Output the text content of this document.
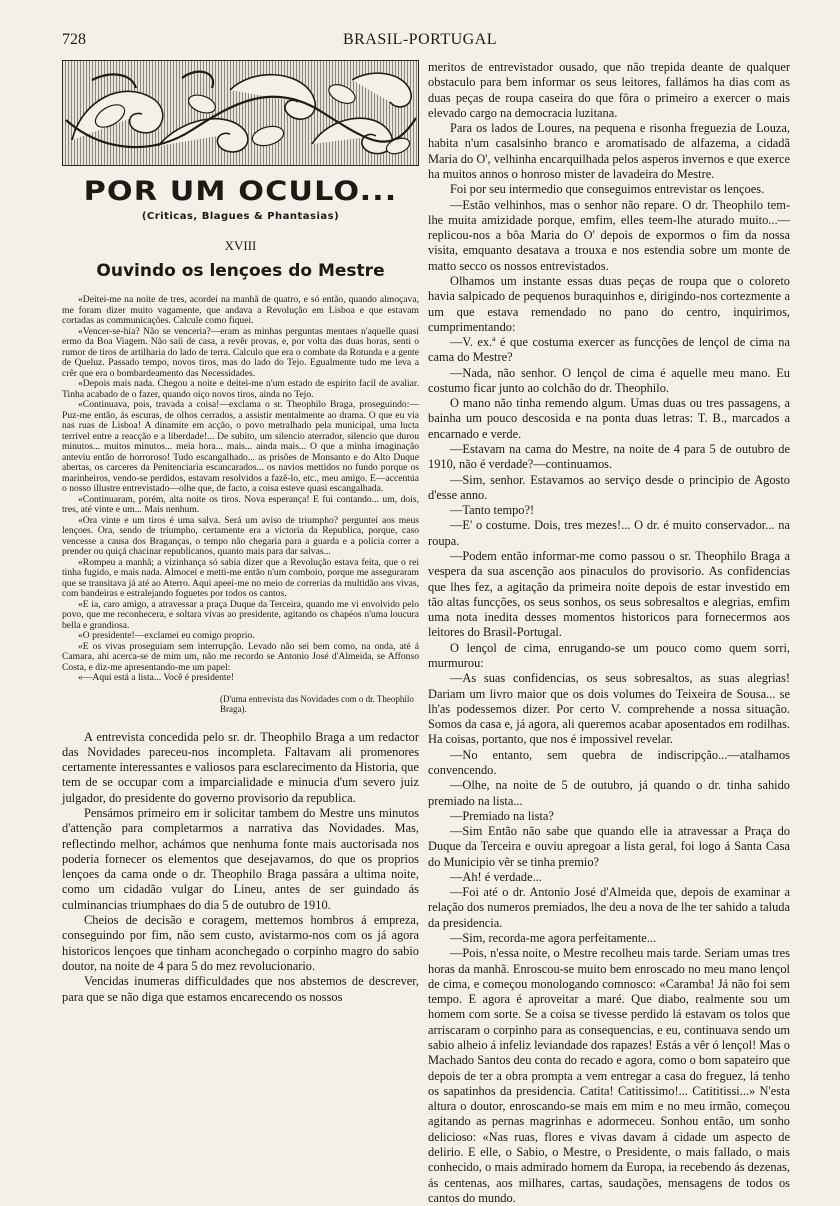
728	BRASIL-PORTUGAL
POR UM OCULO...
(Criticas, Blagues & Phantasias)
XVIII
Ouvindo os lençoes do Mestre

«Deitei-me na noite de tres, acordei na manhã de quatro, e só então, quando almoçava, me foram dizer muito vagamente, que andava a Revolução em Lisboa e que estavam cortadas as communicações. Calcule como fiquei.

«Vencer-se-hia? Não se venceria?—eram as minhas perguntas mentaes n'aquelle quasi ermo da Boa Viagem. Não saíi de casa, a revêr provas, e, por volta das duas horas, senti o rumor de tiros de artilharia do lado de terra. Calculo que era o combate da Rotunda e a gente de Queluz. Passado tempo, novos tiros, mas do lado do Tejo. Egualmente tudo me leva a crêr que era o bombardeamento das Necessidades.

«Depois mais nada. Chegou a noite e deitei-me n'um estado de espirito facil de avaliar. Tinha acabado de o fazer, quando oiço novos tiros, ainda no Tejo.

«Continuava, pois, travada a coisa!—exclama o sr. Theophilo Braga, proseguindo:—Puz-me então, ás escuras, de olhos cerrados, a assistir mentalmente ao drama. O que eu via nas ruas de Lisboa! A dinamite em acção, o povo metralhado pela municipal, uma lucta terrivel entre a reacção e a liberdade!... De subito, um silencio aterrador, silencio que durou minutos... muitos minutos... meia hora... mais... ainda mais... O que a minha imaginação anteviu então de horroroso! Tudo escangalhado... as prisões de Monsanto e do Alto Duque abertas, os carceres da Penitenciaria escancarados... os navios mettidos no fundo porque os marinheiros, vendo-se perdidos, estavam resolvidos a fazê-lo, etc., meu amigo. E—accentúa o nosso illustre entrevistado—olhe que, de facto, a coisa esteve quasi escangalhada.

«Continuaram, porém, alta noite os tiros. Nova esperança! E fui contando... um, dois, tres, até vinte e um... Mais nenhum.

«Ora vinte e um tiros é uma salva. Será um aviso de triumpho? pergunteí aos meus lençoes. Ora, sendo de triumpho, certamente era a victoria da Republica, porque, caso vencesse a causa dos Braganças, o tempo não chegaria para a guarda e a policia correr a prender ou quiçá chacinar republicanos, quanto mais para dar salvas...

«Rompeu a manhã; a vizinhança só sabia dizer que a Revolução estava feita, que o rei tinha fugido, e mais nada. Almocei e metti-me então n'um comboio, porque me asseguraram que se transitava já até ao Aterro. Aqui apeei-me no meio de correrias da multidão aos vivas, com bandeiras e estralejando foguetes por todos os cantos.

«E ia, caro amigo, a atravessar a praça Duque da Terceira, quando me vi envolvido pelo povo, que me reconhecera, e soltara vivas ao presidente, agitando os chapéos n'uma loucura bella e grandiosa.

«O presidente!—exclamei eu comigo proprio.

«E os vivas proseguiam sem interrupção. Levado não sei bem como, na onda, até á Camara, ahi acerca-se de mim um, não me recordo se Antonio José d'Almeida, se Affonso Costa, e diz-me apresentando-me um papel:

«—Aqui está a lista... Você é presidente!

(D'uma entrevista das Novidades com o dr. Theophilo Braga).

A entrevista concedida pelo sr. dr. Theophilo Braga a um redactor das Novidades pareceu-nos incompleta. Faltavam ali promenores certamente interessantes e valiosos para esclarecimento da Historia, que tem de se occupar com a imparcialidade e minucia d'um severo juiz julgador, do presidente do governo provisorio da republica.

Pensámos primeiro em ir solicitar tambem do Mestre uns minutos d'attenção para completarmos a narrativa das Novidades. Mas, reflectindo melhor, achámos que nenhuma fonte mais auctorisada nos poderia fornecer os elementos que desejavamos, do que os proprios lençoes da cama onde o dr. Theophilo Braga passára a ultima noite, como um cidadão vulgar do Lineu, antes de ser guindado ás culminancias triumphaes do dia 5 de outubro de 1910.

Cheios de decisão e coragem, mettemos hombros á empreza, conseguindo por fim, não sem custo, avistarmo-nos com os já agora historicos lençoes que tinham aconchegado o corpinho magro do sabio doutor, na noite de 4 para 5 do mez revolucionario.

Vencidas inumeras difficuldades que nos abstemos de descrever, para que se não diga que estamos encarecendo os nossos

meritos de entrevistador ousado, que não trepida deante de qualquer obstaculo para bem informar os seus leitores, fallámos ha dias com as duas peças de roupa caseira do que fôra o primeiro a exercer o mais elevado cargo na democracia luzitana.

Para os lados de Loures, na pequena e risonha freguezia de Louza, habita n'um casalsinho branco e aromatisado de alfazema, a cidadã Maria do O', velhinha encarquilhada pelos asperos invernos e que exerce ha muitos annos o honroso mister de lavadeira do Mestre.

Foi por seu intermedio que conseguimos entrevistar os lençoes.

—Estão velhinhos, mas o senhor não repare. O dr. Theophilo tem-lhe muita amizidade porque, emfim, elles teem-lhe aturado muito...—replicou-nos a bôa Maria do O' depois de expormos o fim da nossa visita, emquanto desatava a trouxa e nos estendia sobre um monte de matto secco os nossos entrevistados.

Olhamos um instante essas duas peças de roupa que o coloreto havia salpicado de pequenos buraquinhos e, dirigindo-nos cortezmente a um que estava remendado no pano do centro, inquirimos, cumprimentando:

—V. ex.ª é que costuma exercer as funcções de lençol de cima na cama do Mestre?

—Nada, não senhor. O lençol de cima é aquelle meu mano. Eu costumo ficar junto ao colchão do dr. Theophilo.

O mano não tinha remendo algum. Umas duas ou tres passagens, a bainha um pouco descosida e na ponta duas letras: T. B., marcados a encarnado e verde.

—Estavam na cama do Mestre, na noite de 4 para 5 de outubro de 1910, não é verdade?—continuamos.

—Sim, senhor. Estavamos ao serviço desde o principio de Agosto d'esse anno.

—Tanto tempo?!

—E' o costume. Dois, tres mezes!... O dr. é muito conservador... na roupa.

—Podem então informar-me como passou o sr. Theophilo Braga a vespera da sua ascenção aos pinaculos do provisorio. As confidencias que lhes fez, a agitação da primeira noite depois de estar investido em tão altas funcções, os seus sonhos, os seus sobresaltos e alegrias, emfim uma nota inedita desses momentos historicos para fornecermos aos leitores do Brasil-Portugal.

O lençol de cima, enrugando-se um pouco como quem sorri, murmurou:

—As suas confidencias, os seus sobresaltos, as suas alegrias! Dariam um livro maior que os dois volumes do Teixeira de Sousa... se lh'as podessemos dizer. Por certo V. comprehende a nossa situação. Somos da casa e, já agora, ali queremos acabar aposentados em rodilhas. Ha coisas, portanto, que nos é impossivel revelar.

—No entanto, sem quebra de indiscripção...—atalhamos convencendo.

—Olhe, na noite de 5 de outubro, já quando o dr. tinha sahido premiado na lista...

—Premiado na lista?

—Sim Então não sabe que quando elle ia atravessar a Praça do Duque da Terceira e ouviu apregoar a lista geral, foi logo á Santa Casa do Municipio vêr se tinha premio?

—Ah! é verdade...

—Foi até o dr. Antonio José d'Almeida que, depois de examinar a relação dos numeros premiados, lhe deu a nova de lhe ter sahido a taluda da presidencia.

—Sim, recorda-me agora perfeitamente...

—Pois, n'essa noite, o Mestre recolheu mais tarde. Seriam umas tres horas da manhã. Enroscou-se muito bem enroscado no meu mano lençol de cima, e começou monologando comnosco: «Caramba! Já não foi sem tempo. E agora é aproveitar a maré. Que diabo, realmente sou um homem com sorte. Se a coisa se tivesse perdido lá estavam os tolos que arriscaram o corpinho para as consequencias, e eu, continuava sendo um sabio alheio á infeliz leviandade dos rapazes! Estás a vêr ó lençol! Mas o Machado Santos deu conta do recado e agora, como o bom sapateiro que depois de ter a obra prompta a vem entregar a casa do freguez, lá tenho os sapatinhos da presidencia. Catita! Catitissimo!... Catititissi...» N'esta altura o doutor, enroscando-se mais em mim e no meu irmão, começou agitando as pernas magrinhas e adormeceu. Sonhou então, um sonho delicioso: «Nas ruas, flores e vivas davam á cidade um aspecto de delirio. E elle, o Sabio, o Mestre, o Presidente, o mais fallado, o mais conhecido, o mais admirado homem da Europa, ia recebendo ás dezenas, ás centenas, aos milhares, cartas, saudações, mensagens de todos os cantos do mundo.
